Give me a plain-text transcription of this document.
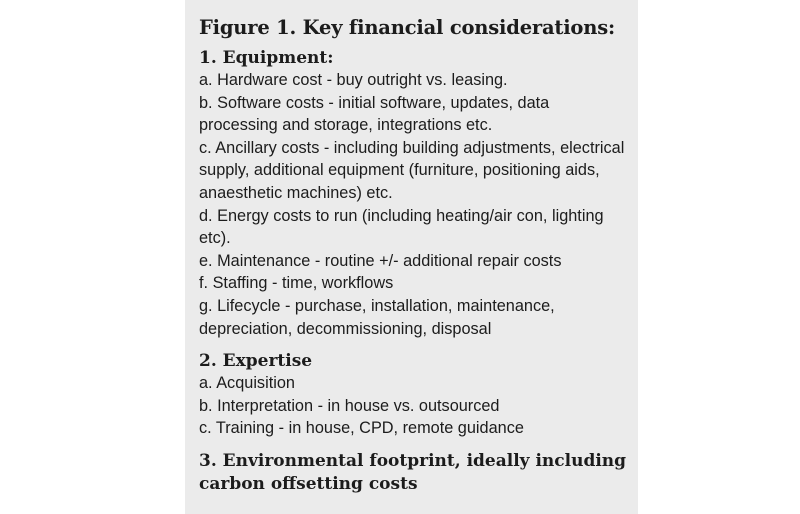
Figure 1. Key financial considerations:
1. Equipment:
a. Hardware cost - buy outright vs. leasing.
b. Software costs - initial software, updates, data processing and storage, integrations etc.
c. Ancillary costs - including building adjustments, electrical supply, additional equipment (furniture, positioning aids, anaesthetic machines) etc.
d. Energy costs to run (including heating/air con, lighting etc).
e. Maintenance - routine +/- additional repair costs
f. Staffing - time, workflows
g. Lifecycle - purchase, installation, maintenance, depreciation, decommissioning, disposal
2. Expertise
a. Acquisition
b. Interpretation - in house vs. outsourced
c. Training - in house, CPD, remote guidance
3. Environmental footprint, ideally including carbon offsetting costs
